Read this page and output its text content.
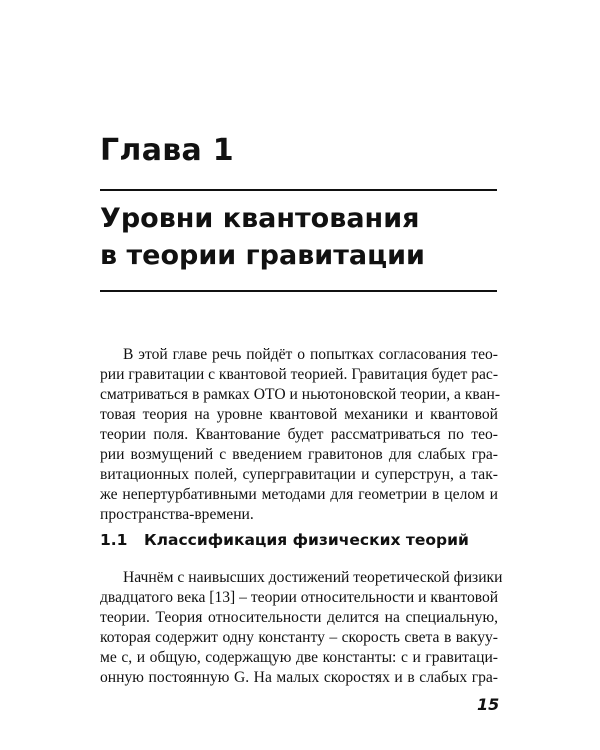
Глава 1
Уровни квантования
в теории гравитации

В этой главе речь пойдёт о попытках согласования тео-
рии гравитации с квантовой теорией. Гравитация будет рас-
сматриваться в рамках ОТО и ньютоновской теории, а кван-
товая теория на уровне квантовой механики и квантовой
теории поля. Квантование будет рассматриваться по тео-
рии возмущений с введением гравитонов для слабых гра-
витационных полей, супергравитации и суперструн, а так-
же непертурбативными методами для геометрии в целом и
пространства-времени.

1.1 Классификация физических теорий

Начнём с наивысших достижений теоретической физики
двадцатого века [13] – теории относительности и квантовой
теории. Теория относительности делится на специальную,
которая содержит одну константу – скорость света в вакуу-
ме c, и общую, содержащую две константы: c и гравитаци-
онную постоянную G. На малых скоростях и в слабых гра-

15
